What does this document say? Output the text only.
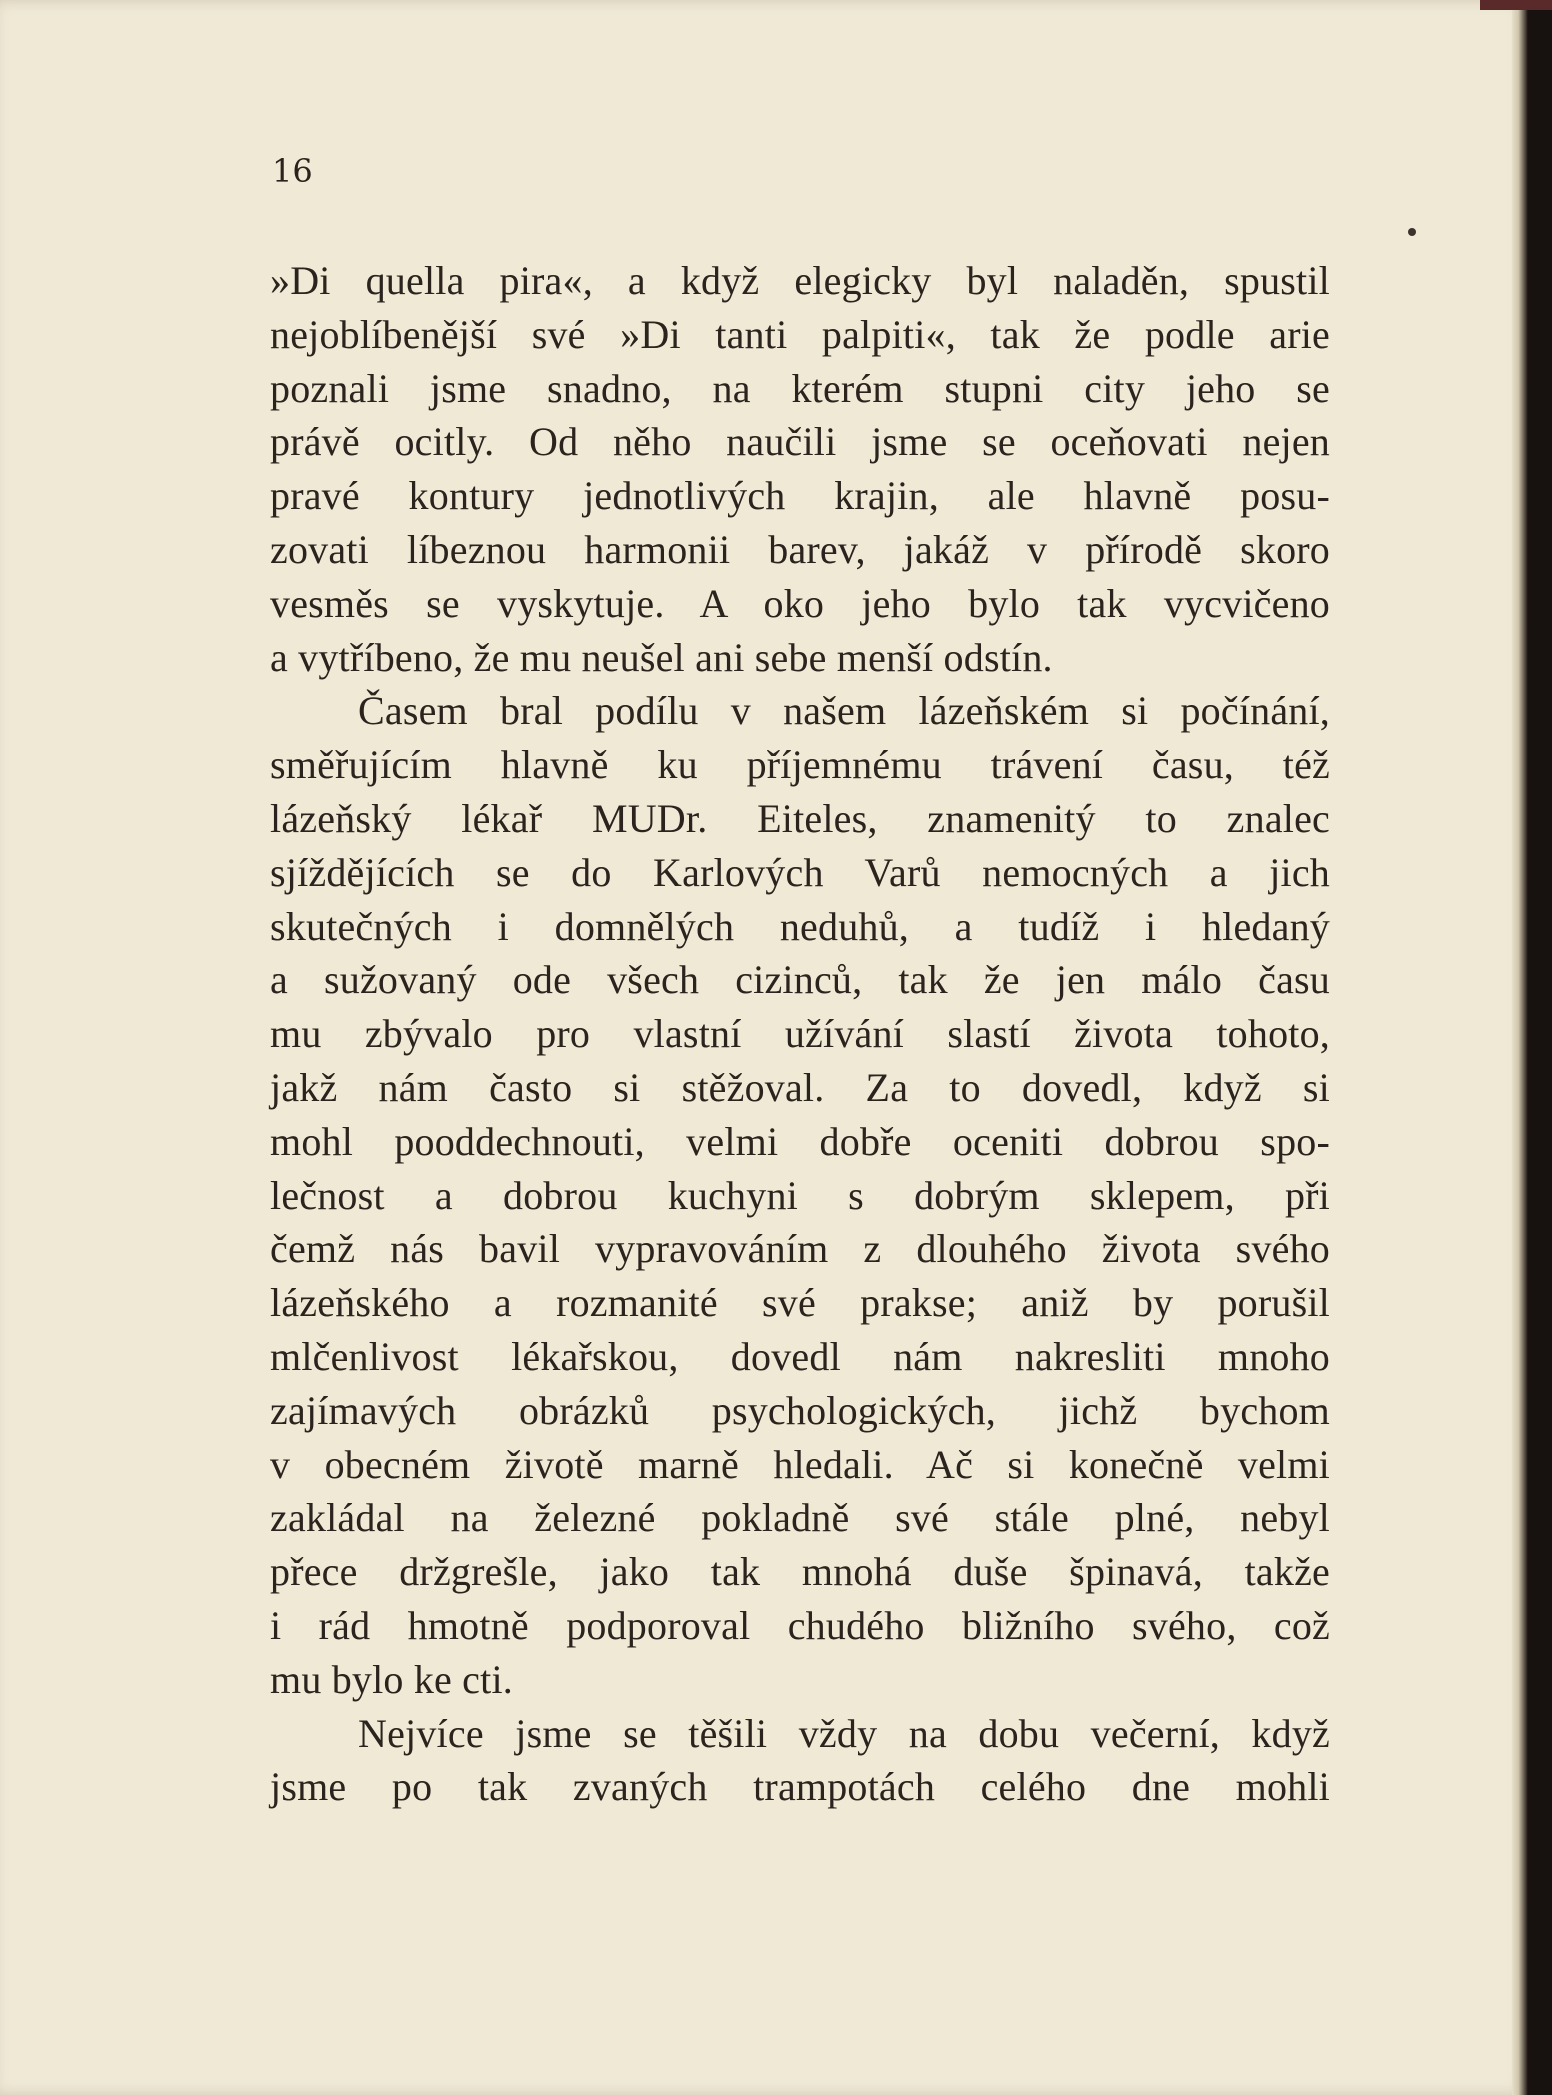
16
»Di quella pira«, a když elegicky byl naladěn, spustil
nejoblíbenější své »Di tanti palpiti«, tak že podle arie
poznali jsme snadno, na kterém stupni city jeho se
právě ocitly. Od něho naučili jsme se oceňovati nejen
pravé kontury jednotlivých krajin, ale hlavně posu-
zovati líbeznou harmonii barev, jakáž v přírodě skoro
vesměs se vyskytuje. A oko jeho bylo tak vycvičeno
a vytříbeno, že mu neušel ani sebe menší odstín.
Časem bral podílu v našem lázeňském si počínání,
směřujícím hlavně ku příjemnému trávení času, též
lázeňský lékař MUDr. Eiteles, znamenitý to znalec
sjíždějících se do Karlových Varů nemocných a jich
skutečných i domnělých neduhů, a tudíž i hledaný
a sužovaný ode všech cizinců, tak že jen málo času
mu zbývalo pro vlastní užívání slastí života tohoto,
jakž nám často si stěžoval. Za to dovedl, když si
mohl pooddechnouti, velmi dobře oceniti dobrou spo-
lečnost a dobrou kuchyni s dobrým sklepem, při
čemž nás bavil vypravováním z dlouhého života svého
lázeňského a rozmanité své prakse; aniž by porušil
mlčenlivost lékařskou, dovedl nám nakresliti mnoho
zajímavých obrázků psychologických, jichž bychom
v obecném životě marně hledali. Ač si konečně velmi
zakládal na železné pokladně své stále plné, nebyl
přece držgrešle, jako tak mnohá duše špinavá, takže
i rád hmotně podporoval chudého bližního svého, což
mu bylo ke cti.
Nejvíce jsme se těšili vždy na dobu večerní, když
jsme po tak zvaných trampotách celého dne mohli
